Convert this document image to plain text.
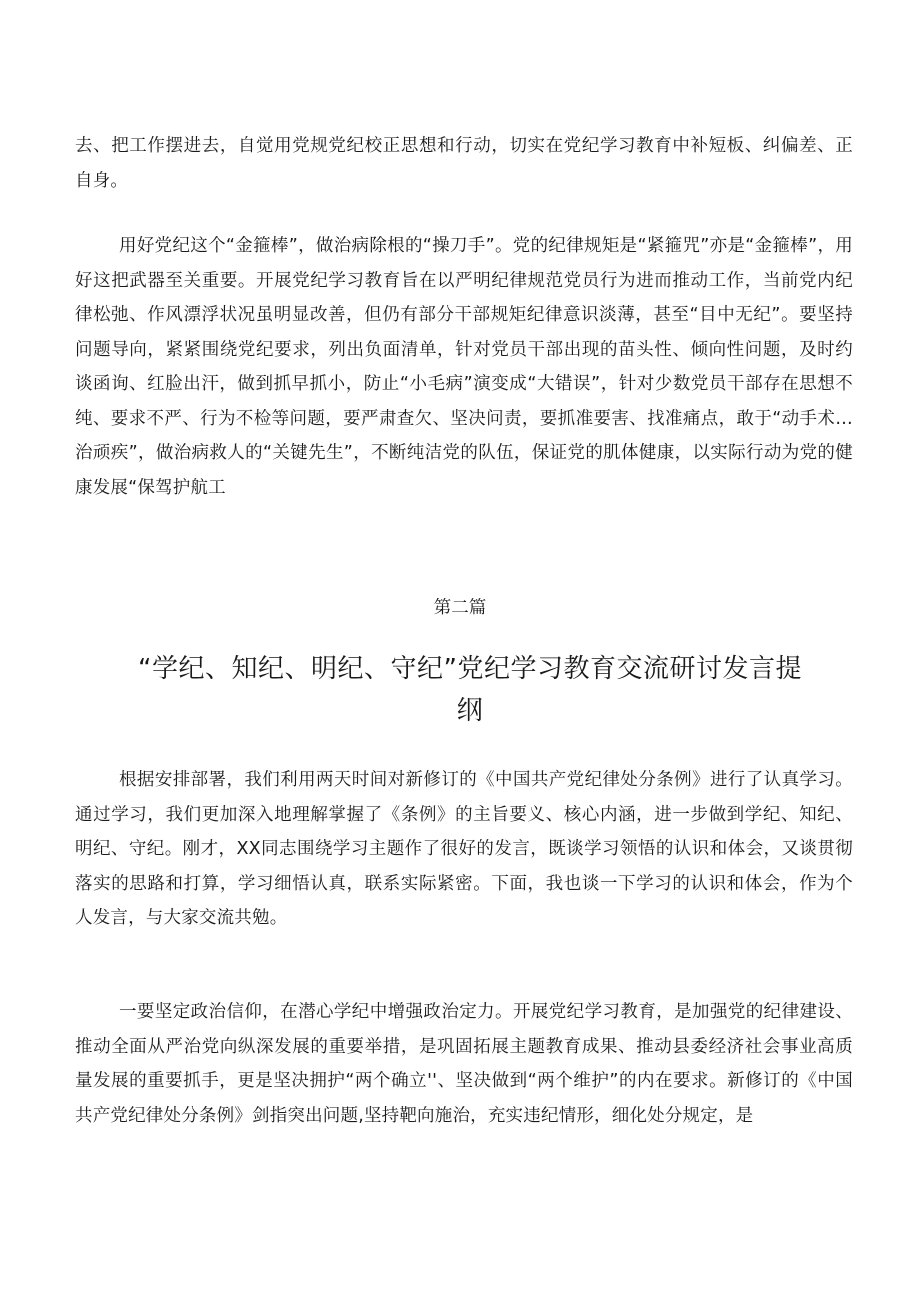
去、把工作摆进去，自觉用党规党纪校正思想和行动，切实在党纪学习教育中补短板、纠偏差、正自身。

用好党纪这个“金箍棒”，做治病除根的“操刀手”。党的纪律规矩是“紧箍咒”亦是“金箍棒”，用好这把武器至关重要。开展党纪学习教育旨在以严明纪律规范党员行为进而推动工作，当前党内纪律松弛、作风漂浮状况虽明显改善，但仍有部分干部规矩纪律意识淡薄，甚至“目中无纪”。要坚持问题导向，紧紧围绕党纪要求，列出负面清单，针对党员干部出现的苗头性、倾向性问题，及时约谈函询、红脸出汗，做到抓早抓小，防止“小毛病”演变成“大错误”，针对少数党员干部存在思想不纯、要求不严、行为不检等问题，要严肃查欠、坚决问责，要抓准要害、找准痛点，敢于“动手术…治顽疾”，做治病救人的“关键先生”，不断纯洁党的队伍，保证党的肌体健康，以实际行动为党的健康发展“保驾护航工

第二篇
“学纪、知纪、明纪、守纪”党纪学习教育交流研讨发言提纲

根据安排部署，我们利用两天时间对新修订的《中国共产党纪律处分条例》进行了认真学习。通过学习，我们更加深入地理解掌握了《条例》的主旨要义、核心内涵，进一步做到学纪、知纪、明纪、守纪。刚才，XX同志围绕学习主题作了很好的发言，既谈学习领悟的认识和体会，又谈贯彻落实的思路和打算，学习细悟认真，联系实际紧密。下面，我也谈一下学习的认识和体会，作为个人发言，与大家交流共勉。

一要坚定政治信仰，在潜心学纪中增强政治定力。开展党纪学习教育，是加强党的纪律建设、推动全面从严治党向纵深发展的重要举措，是巩固拓展主题教育成果、推动县委经济社会事业高质量发展的重要抓手，更是坚决拥护“两个确立''、坚决做到“两个维护”的内在要求。新修订的《中国共产党纪律处分条例》剑指突出问题,坚持靶向施治，充实违纪情形，细化处分规定，是
